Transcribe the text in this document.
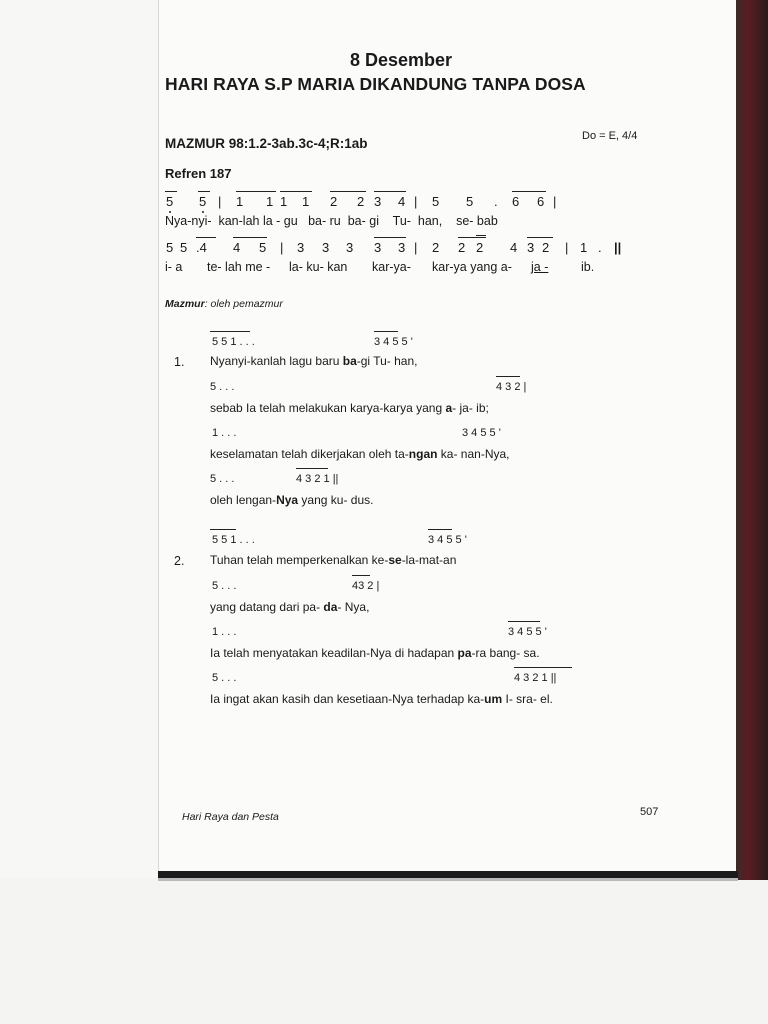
8 Desember
HARI RAYA S.P MARIA DIKANDUNG TANPA DOSA
MAZMUR 98:1.2-3ab.3c-4;R:1ab	Do = E, 4/4
Refren 187
5 5 | 1 1 1 1 2 2 3 4 | 5 5 . 6 6 |
Nya-nyi-  kan-lah la - gu   ba- ru  ba- gi    Tu-  han,    se- bab
5 5 .4 4 5 | 3 3 3 3 3 | 2 2 2 4 3 2 | 1 . ||
i- a te- lah me - la- ku- kan kar-ya- kar-ya yang a- ja -	ib.
Mazmur: oleh pemazmur
5 5 1 . . .	3 4 5 5 '
1. Nyanyi-kanlah lagu baru ba-gi Tu- han,
5 . . .	4 3 2 |
sebab Ia telah melakukan karya-karya yang a- ja- ib;
1 . . .	3 4 5 5 '
keselamatan telah dikerjakan oleh ta-ngan ka- nan-Nya,
5 . . .	4 3 2 1 ||
oleh lengan-Nya yang ku- dus.
5 5 1 . . .	3 4 5 5 '
2. Tuhan telah memperkenalkan ke-se-la-mat-an
5 . . .	43 2 |
yang datang dari pa- da- Nya,
1 . . .	3 4 5 5 '
Ia telah menyatakan keadilan-Nya di hadapan pa-ra bang- sa.
5 . . .	4 3 2 1 ||
Ia ingat akan kasih dan kesetiaan-Nya terhadap ka-um I- sra- el.
Hari Raya dan Pesta	507
